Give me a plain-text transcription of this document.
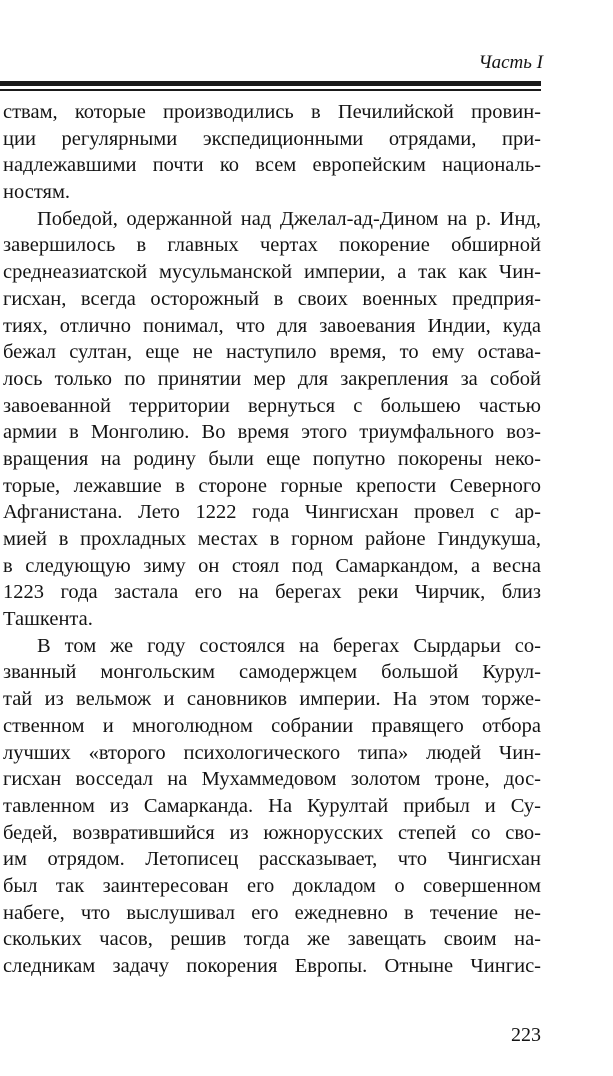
Часть I
ствам, которые производились в Печилийской провин-
ции регулярными экспедиционными отрядами, при-
надлежавшими почти ко всем европейским националь-
ностям.
Победой, одержанной над Джелал-ад-Дином на р. Инд,
завершилось в главных чертах покорение обширной
среднеазиатской мусульманской империи, а так как Чин-
гисхан, всегда осторожный в своих военных предприя-
тиях, отлично понимал, что для завоевания Индии, куда
бежал султан, еще не наступило время, то ему остава-
лось только по принятии мер для закрепления за собой
завоеванной территории вернуться с большею частью
армии в Монголию. Во время этого триумфального воз-
вращения на родину были еще попутно покорены неко-
торые, лежавшие в стороне горные крепости Северного
Афганистана. Лето 1222 года Чингисхан провел с ар-
мией в прохладных местах в горном районе Гиндукуша,
в следующую зиму он стоял под Самаркандом, а весна
1223 года застала его на берегах реки Чирчик, близ
Ташкента.
В том же году состоялся на берегах Сырдарьи со-
званный монгольским самодержцем большой Курул-
тай из вельмож и сановников империи. На этом торже-
ственном и многолюдном собрании правящего отбора
лучших «второго психологического типа» людей Чин-
гисхан восседал на Мухаммедовом золотом троне, дос-
тавленном из Самарканда. На Курултай прибыл и Су-
бедей, возвратившийся из южнорусских степей со сво-
им отрядом. Летописец рассказывает, что Чингисхан
был так заинтересован его докладом о совершенном
набеге, что выслушивал его ежедневно в течение не-
скольких часов, решив тогда же завещать своим на-
следникам задачу покорения Европы. Отныне Чингис-
223
